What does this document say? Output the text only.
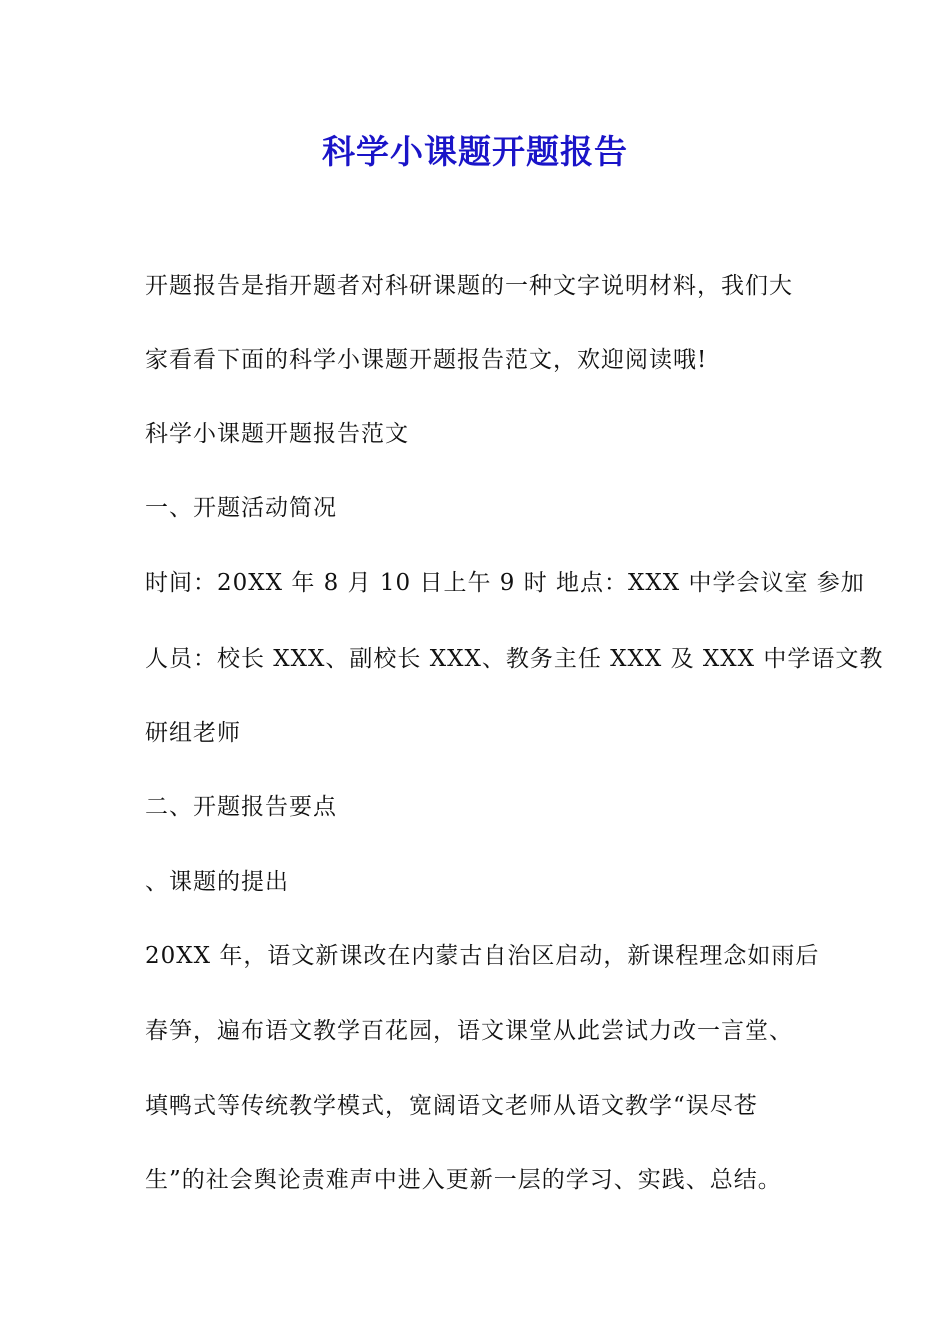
科学小课题开题报告
开题报告是指开题者对科研课题的一种文字说明材料，我们大
家看看下面的科学小课题开题报告范文，欢迎阅读哦!
科学小课题开题报告范文
一、开题活动简况
时间：20XX 年 8 月 10 日上午 9 时 地点：XXX 中学会议室 参加
人员：校长 XXX、副校长 XXX、教务主任 XXX 及 XXX 中学语文教
研组老师
二、开题报告要点
、课题的提出
20XX 年，语文新课改在内蒙古自治区启动，新课程理念如雨后
春笋，遍布语文教学百花园，语文课堂从此尝试力改一言堂、
填鸭式等传统教学模式，宽阔语文老师从语文教学“误尽苍
生”的社会舆论责难声中进入更新一层的学习、实践、总结。
